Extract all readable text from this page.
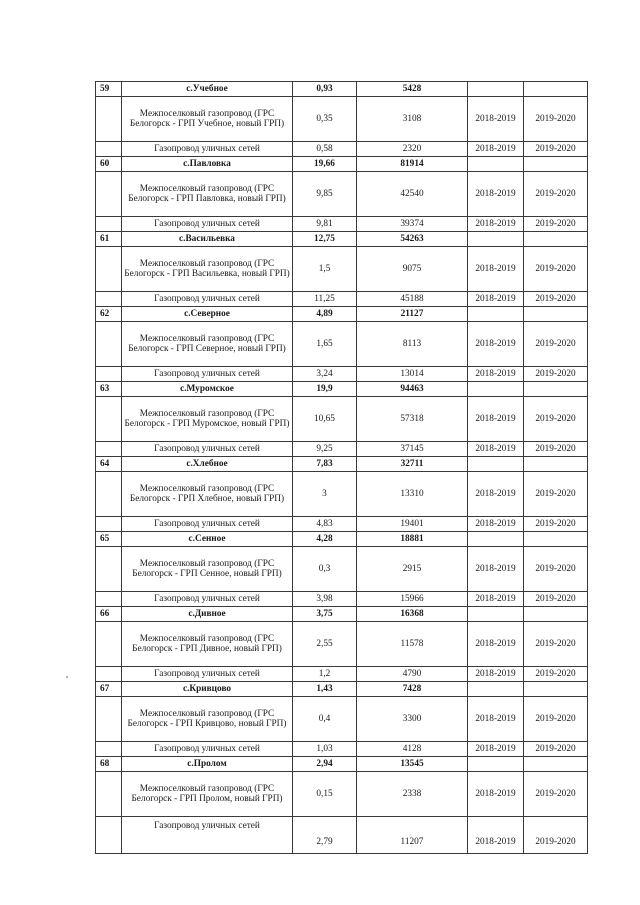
59	с.Учебное	0,93	5428		
	Межпоселковый газопровод (ГРС Белогорск - ГРП Учебное, новый ГРП)	0,35	3108	2018-2019	2019-2020
	Газопровод уличных сетей	0,58	2320	2018-2019	2019-2020
60	с.Павловка	19,66	81914		
	Межпоселковый газопровод (ГРС Белогорск - ГРП Павловка, новый ГРП)	9,85	42540	2018-2019	2019-2020
	Газопровод уличных сетей	9,81	39374	2018-2019	2019-2020
61	с.Васильевка	12,75	54263		
	Межпоселковый газопровод (ГРС Белогорск - ГРП Васильевка, новый ГРП)	1,5	9075	2018-2019	2019-2020
	Газопровод уличных сетей	11,25	45188	2018-2019	2019-2020
62	с.Северное	4,89	21127		
	Межпоселковый газопровод (ГРС Белогорск - ГРП Северное, новый ГРП)	1,65	8113	2018-2019	2019-2020
	Газопровод уличных сетей	3,24	13014	2018-2019	2019-2020
63	с.Муромское	19,9	94463		
	Межпоселковый газопровод (ГРС Белогорск - ГРП Муромское, новый ГРП)	10,65	57318	2018-2019	2019-2020
	Газопровод уличных сетей	9,25	37145	2018-2019	2019-2020
64	с.Хлебное	7,83	32711		
	Межпоселковый газопровод (ГРС Белогорск - ГРП Хлебное, новый ГРП)	3	13310	2018-2019	2019-2020
	Газопровод уличных сетей	4,83	19401	2018-2019	2019-2020
65	с.Сенное	4,28	18881		
	Межпоселковый газопровод (ГРС Белогорск - ГРП Сенное, новый ГРП)	0,3	2915	2018-2019	2019-2020
	Газопровод уличных сетей	3,98	15966	2018-2019	2019-2020
66	с.Дивное	3,75	16368		
	Межпоселковый газопровод (ГРС Белогорск - ГРП Дивное, новый ГРП)	2,55	11578	2018-2019	2019-2020
	Газопровод уличных сетей	1,2	4790	2018-2019	2019-2020
67	с.Кривцово	1,43	7428		
	Межпоселковый газопровод (ГРС Белогорск - ГРП Кривцово, новый ГРП)	0,4	3300	2018-2019	2019-2020
	Газопровод уличных сетей	1,03	4128	2018-2019	2019-2020
68	с.Пролом	2,94	13545		
	Межпоселковый газопровод (ГРС Белогорск - ГРП Пролом, новый ГРП)	0,15	2338	2018-2019	2019-2020
	Газопровод уличных сетей	2,79	11207	2018-2019	2019-2020
